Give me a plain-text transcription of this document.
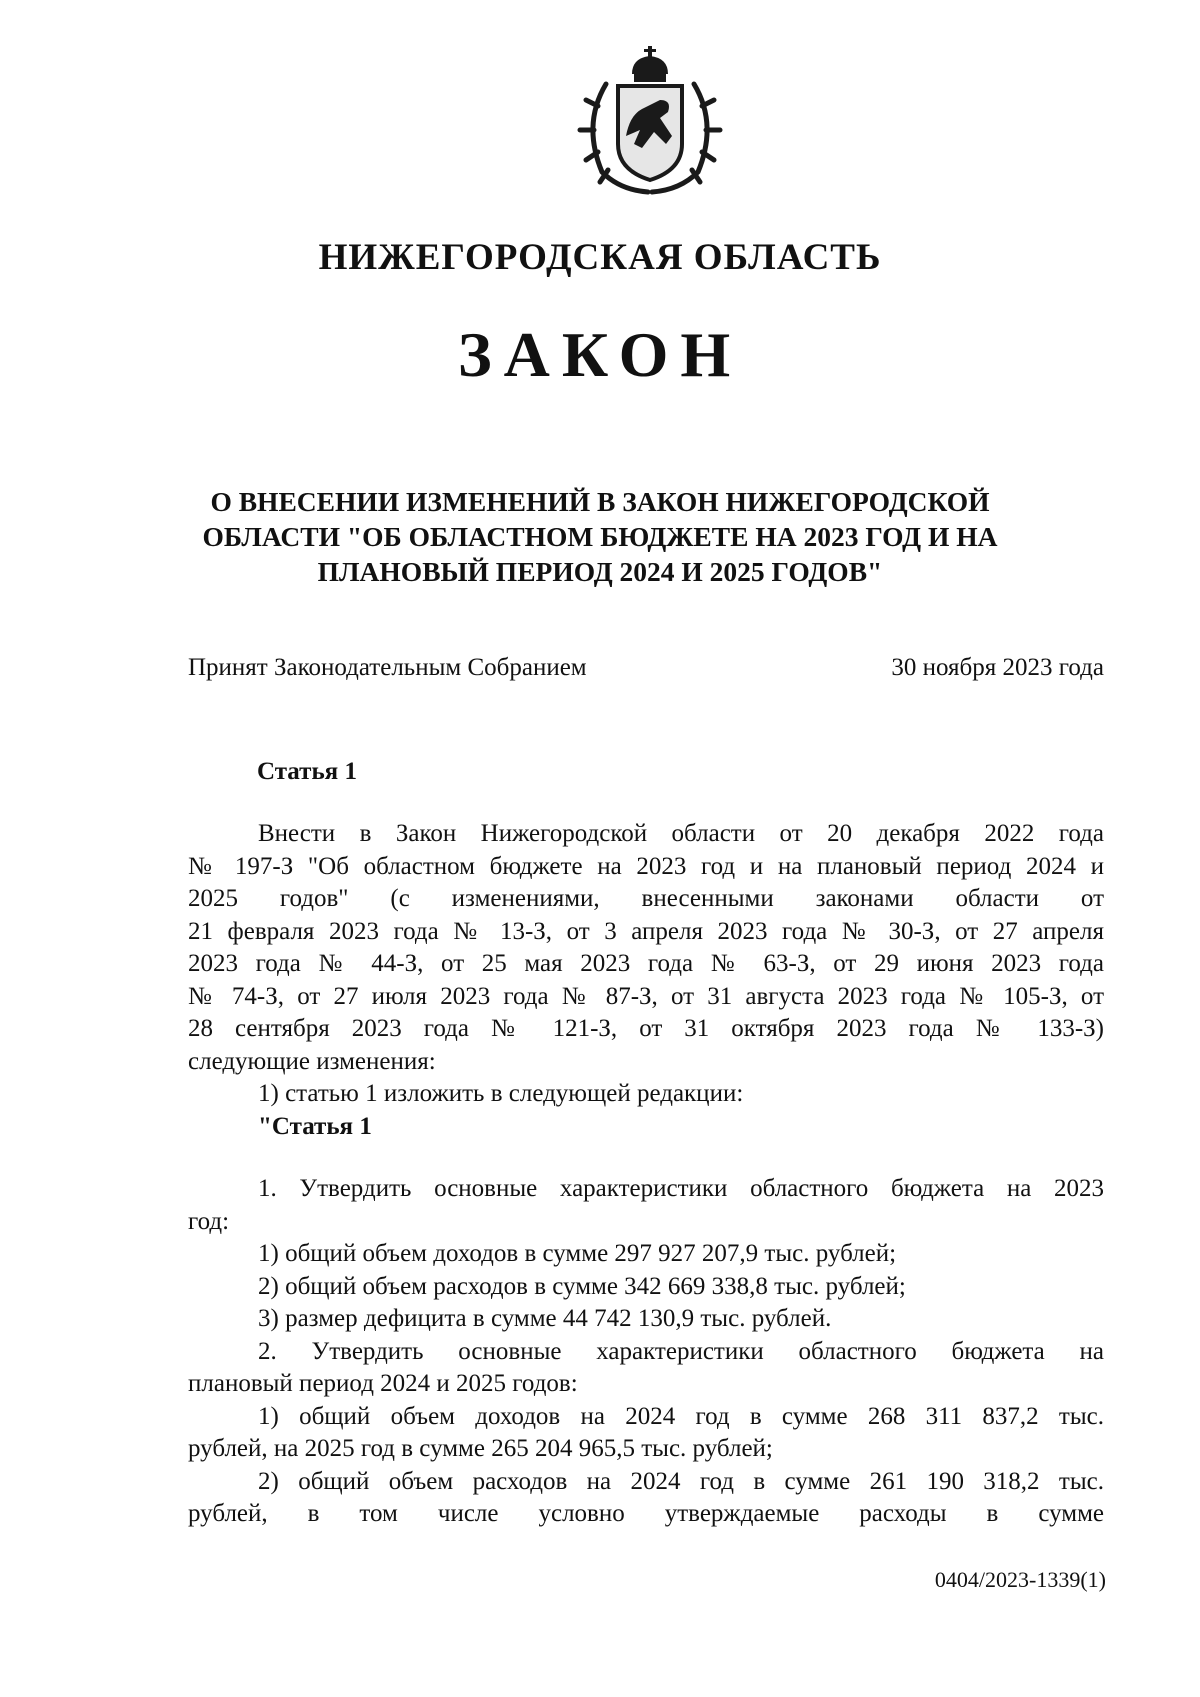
НИЖЕГОРОДСКАЯ ОБЛАСТЬ
ЗАКОН
О ВНЕСЕНИИ ИЗМЕНЕНИЙ В ЗАКОН НИЖЕГОРОДСКОЙ
ОБЛАСТИ "ОБ ОБЛАСТНОМ БЮДЖЕТЕ НА 2023 ГОД И НА
ПЛАНОВЫЙ ПЕРИОД 2024 И 2025 ГОДОВ"
Принят Законодательным Собранием	30 ноября 2023 года
Статья 1

Внести в Закон Нижегородской области от 20 декабря 2022 года

№ 197-З "Об областном бюджете на 2023 год и на плановый период 2024 и

2025 годов" (с изменениями, внесенными законами области от

21 февраля 2023 года № 13-З, от 3 апреля 2023 года № 30-З, от 27 апреля

2023 года № 44-З, от 25 мая 2023 года № 63-З, от 29 июня 2023 года

№ 74-З, от 27 июля 2023 года № 87-З, от 31 августа 2023 года № 105-З, от

28 сентября 2023 года № 121-З, от 31 октября 2023 года № 133-З)

следующие изменения:

1) статью 1 изложить в следующей редакции:

"Статья 1

1. Утвердить основные характеристики областного бюджета на 2023

год:

1) общий объем доходов в сумме 297 927 207,9 тыс. рублей;

2) общий объем расходов в сумме 342 669 338,8 тыс. рублей;

3) размер дефицита в сумме 44 742 130,9 тыс. рублей.

2. Утвердить основные характеристики областного бюджета на

плановый период 2024 и 2025 годов:

1) общий объем доходов на 2024 год в сумме 268 311 837,2 тыс.

рублей, на 2025 год в сумме 265 204 965,5 тыс. рублей;

2) общий объем расходов на 2024 год в сумме 261 190 318,2 тыс.

рублей, в том числе условно утверждаемые расходы в сумме

0404/2023-1339(1)
